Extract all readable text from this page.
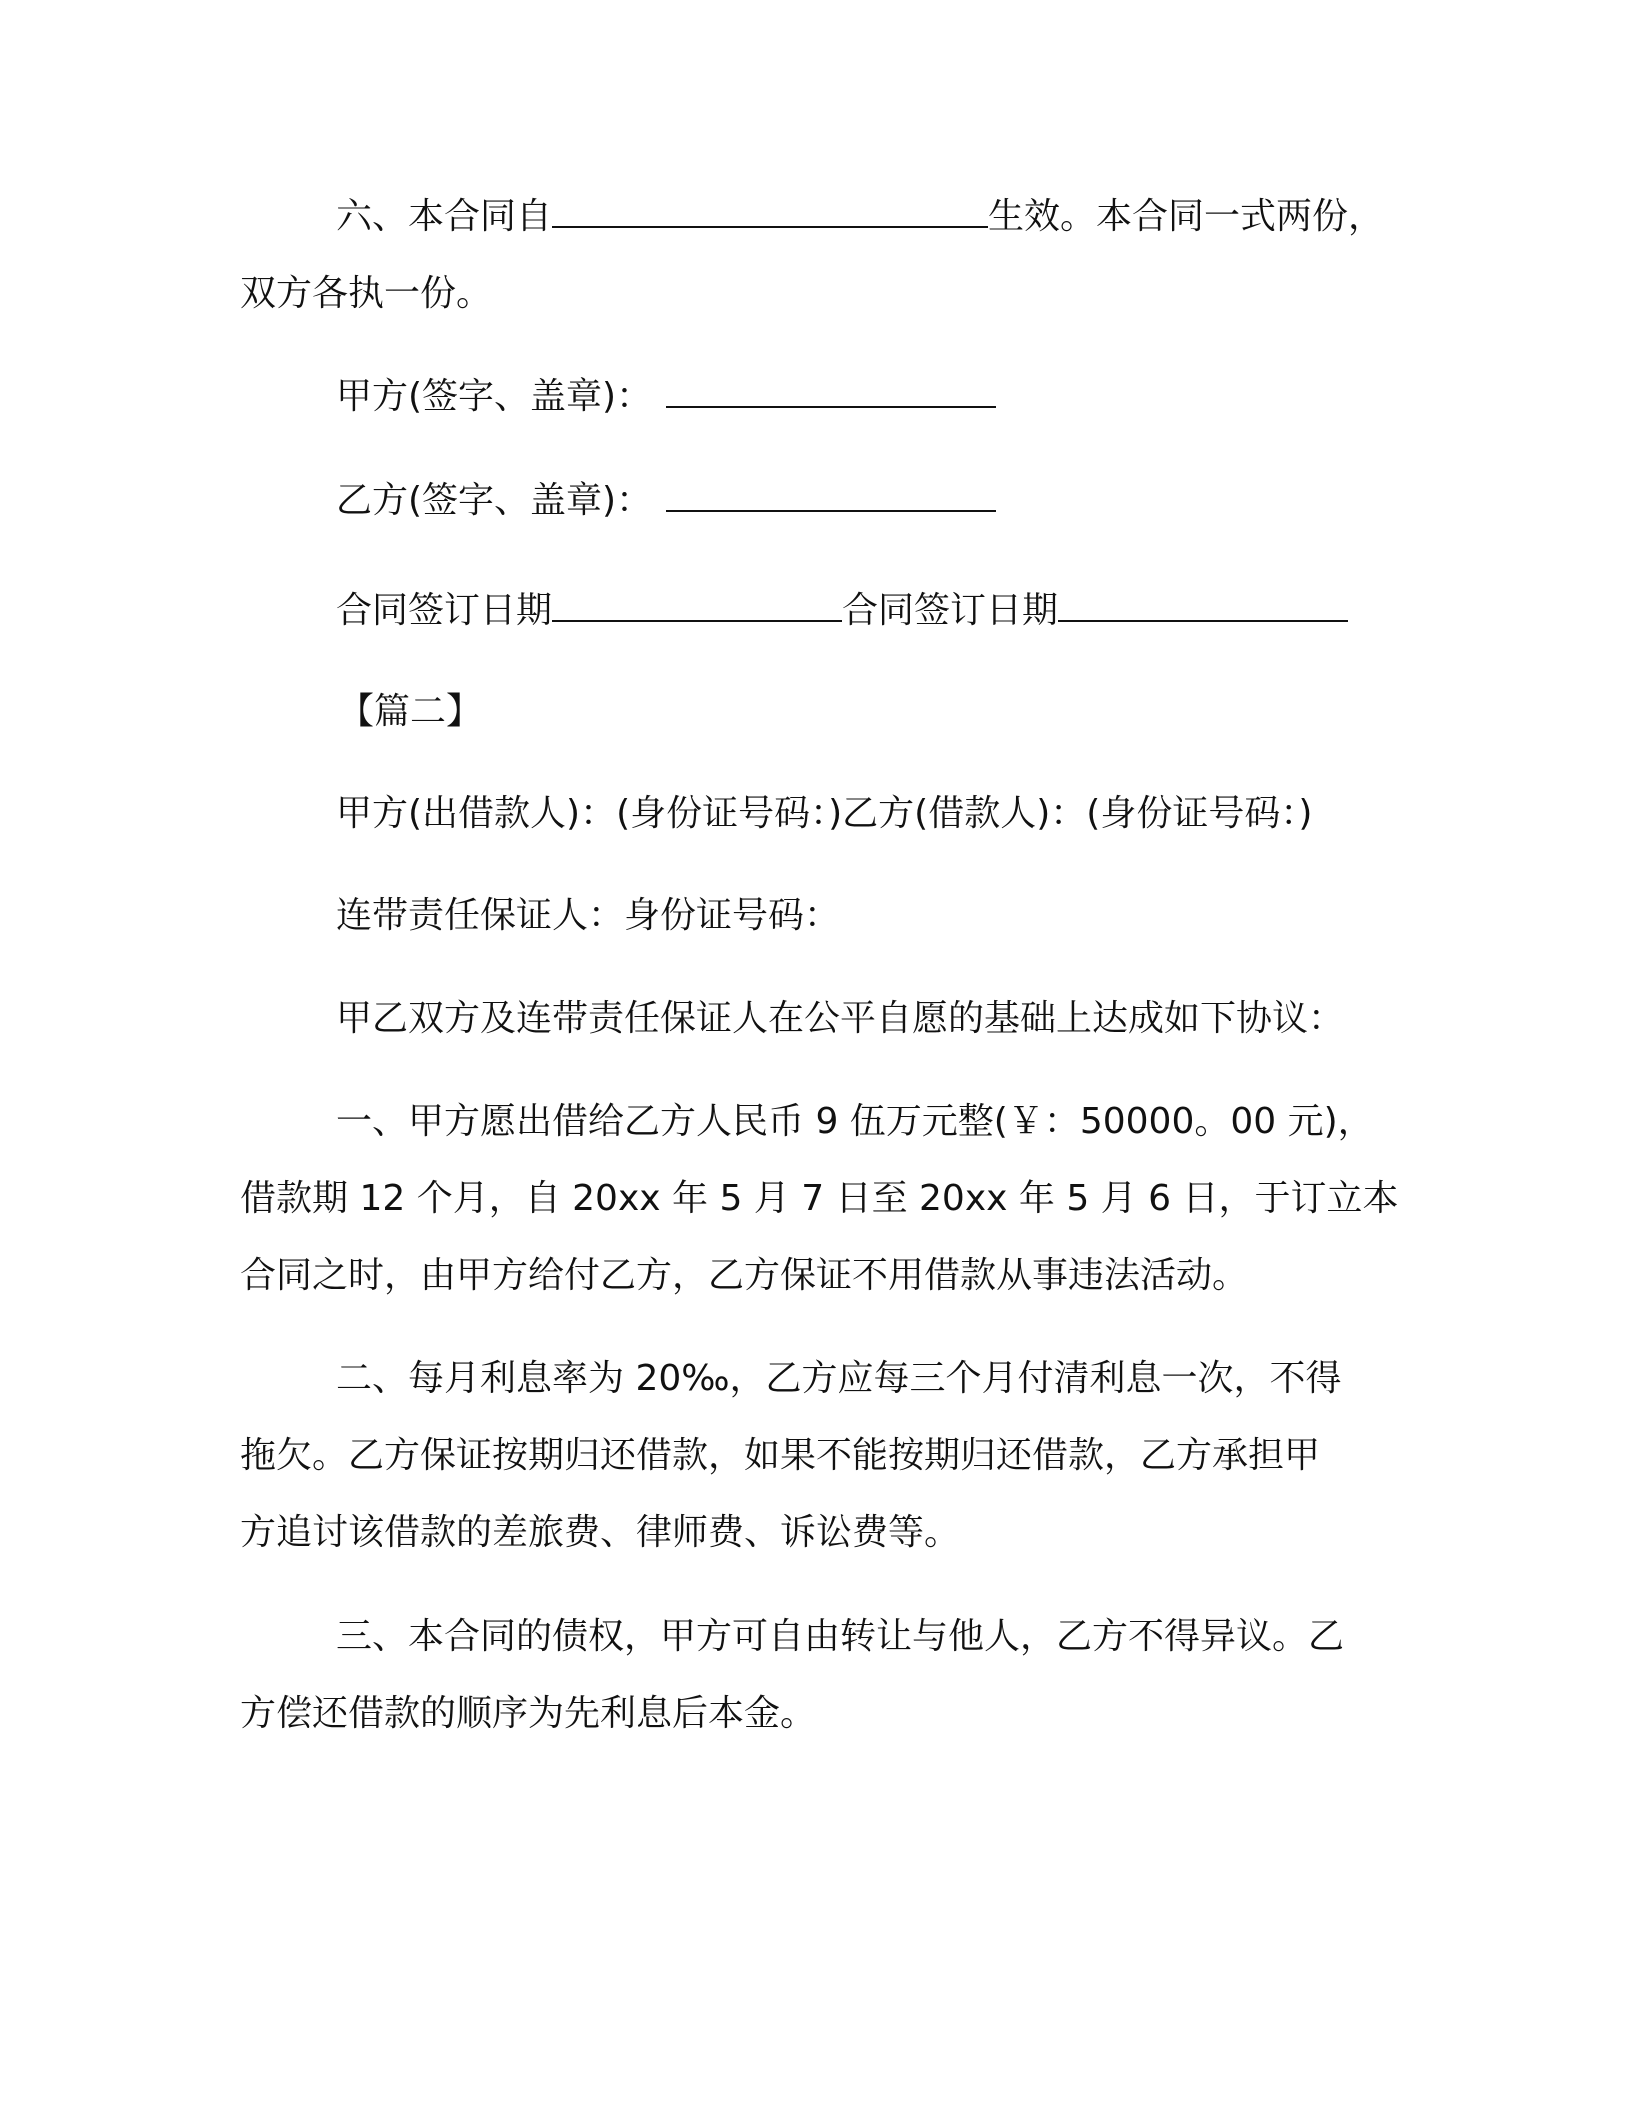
六、本合同自	生效。本合同一式两份，

双方各执一份。

甲方(签字、盖章)：

乙方(签字、盖章)：

合同签订日期	合同签订日期

【篇二】

甲方(出借款人)：(身份证号码：)乙方(借款人)：(身份证号码：)

连带责任保证人：身份证号码：

甲乙双方及连带责任保证人在公平自愿的基础上达成如下协议：

一、甲方愿出借给乙方人民币 9 伍万元整(￥：50000。00 元)，
借款期 12 个月，自 20xx 年 5 月 7 日至 20xx 年 5 月 6 日，于订立本
合同之时，由甲方给付乙方，乙方保证不用借款从事违法活动。
二、每月利息率为 20‰，乙方应每三个月付清利息一次，不得
拖欠。乙方保证按期归还借款，如果不能按期归还借款，乙方承担甲
方追讨该借款的差旅费、律师费、诉讼费等。
三、本合同的债权，甲方可自由转让与他人，乙方不得异议。乙
方偿还借款的顺序为先利息后本金。
